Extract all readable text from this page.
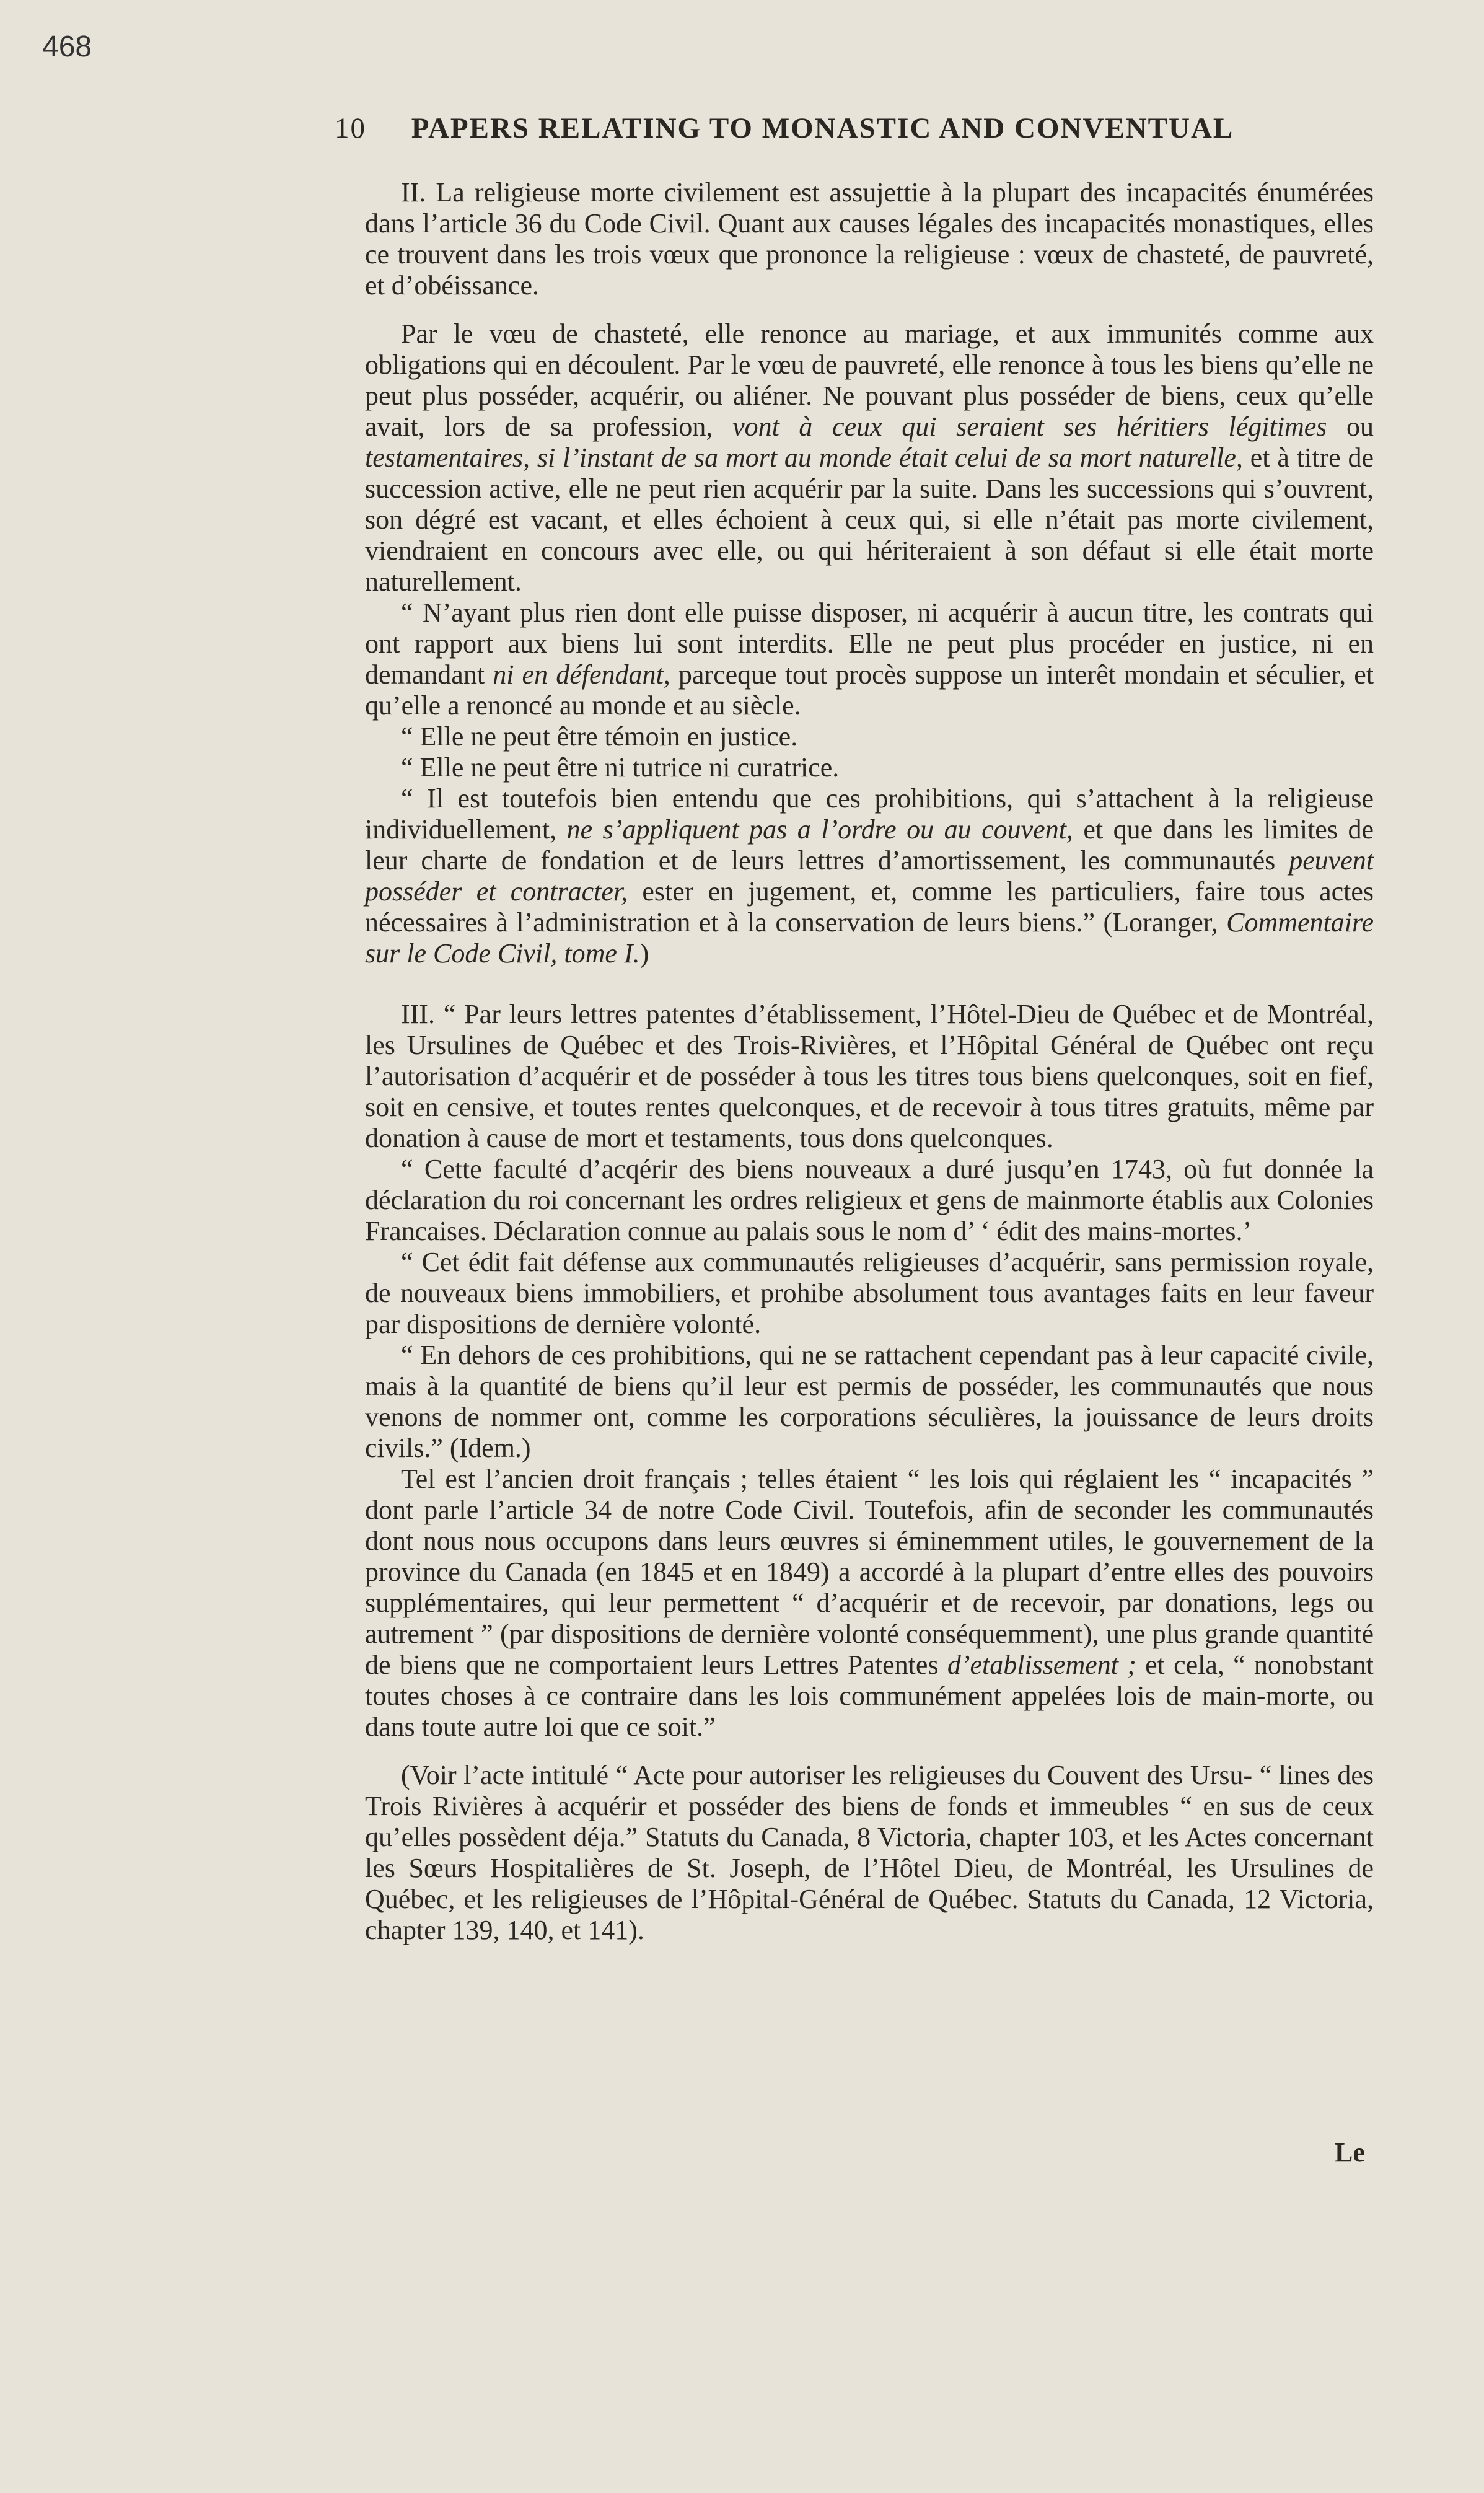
468
10 PAPERS RELATING TO MONASTIC AND CONVENTUAL

II. La religieuse morte civilement est assujettie à la plupart des incapacités énumérées dans l’article 36 du Code Civil. Quant aux causes légales des incapacités monastiques, elles ce trouvent dans les trois vœux que prononce la religieuse : vœux de chasteté, de pauvreté, et d’obéissance.

Par le vœu de chasteté, elle renonce au mariage, et aux immunités comme aux obligations qui en découlent. Par le vœu de pauvreté, elle renonce à tous les biens qu’elle ne peut plus posséder, acquérir, ou aliéner. Ne pouvant plus posséder de biens, ceux qu’elle avait, lors de sa profession, vont à ceux qui seraient ses héritiers légitimes ou testamentaires, si l’instant de sa mort au monde était celui de sa mort naturelle, et à titre de succession active, elle ne peut rien acquérir par la suite. Dans les successions qui s’ouvrent, son dégré est vacant, et elles échoient à ceux qui, si elle n’était pas morte civilement, viendraient en concours avec elle, ou qui hériteraient à son défaut si elle était morte naturellement.

“ N’ayant plus rien dont elle puisse disposer, ni acquérir à aucun titre, les contrats qui ont rapport aux biens lui sont interdits. Elle ne peut plus procéder en justice, ni en demandant ni en défendant, parceque tout procès suppose un interêt mondain et séculier, et qu’elle a renoncé au monde et au siècle.

“ Elle ne peut être témoin en justice.

“ Elle ne peut être ni tutrice ni curatrice.

“ Il est toutefois bien entendu que ces prohibitions, qui s’attachent à la religieuse individuellement, ne s’appliquent pas a l’ordre ou au couvent, et que dans les limites de leur charte de fondation et de leurs lettres d’amortissement, les communautés peuvent posséder et contracter, ester en jugement, et, comme les particuliers, faire tous actes nécessaires à l’administration et à la conservation de leurs biens.” (Loranger, Commentaire sur le Code Civil, tome I.)

III. “ Par leurs lettres patentes d’établissement, l’Hôtel-Dieu de Québec et de Montréal, les Ursulines de Québec et des Trois-Rivières, et l’Hôpital Général de Québec ont reçu l’autorisation d’acquérir et de posséder à tous les titres tous biens quelconques, soit en fief, soit en censive, et toutes rentes quelconques, et de recevoir à tous titres gratuits, même par donation à cause de mort et testaments, tous dons quelconques.

“ Cette faculté d’acqérir des biens nouveaux a duré jusqu’en 1743, où fut donnée la déclaration du roi concernant les ordres religieux et gens de mainmorte établis aux Colonies Francaises. Déclaration connue au palais sous le nom d’ ‘ édit des mains-mortes.’

“ Cet édit fait défense aux communautés religieuses d’acquérir, sans permission royale, de nouveaux biens immobiliers, et prohibe absolument tous avantages faits en leur faveur par dispositions de dernière volonté.

“ En dehors de ces prohibitions, qui ne se rattachent cependant pas à leur capacité civile, mais à la quantité de biens qu’il leur est permis de posséder, les communautés que nous venons de nommer ont, comme les corporations séculières, la jouissance de leurs droits civils.” (Idem.)

Tel est l’ancien droit français ; telles étaient “ les lois qui réglaient les “ incapacités ” dont parle l’article 34 de notre Code Civil. Toutefois, afin de seconder les communautés dont nous nous occupons dans leurs œuvres si éminemment utiles, le gouvernement de la province du Canada (en 1845 et en 1849) a accordé à la plupart d’entre elles des pouvoirs supplémentaires, qui leur permettent “ d’acquérir et de recevoir, par donations, legs ou autrement ” (par dispositions de dernière volonté conséquemment), une plus grande quantité de biens que ne comportaient leurs Lettres Patentes d’etablissement ; et cela, “ nonobstant toutes choses à ce contraire dans les lois communément appelées lois de main-morte, ou dans toute autre loi que ce soit.”

(Voir l’acte intitulé “ Acte pour autoriser les religieuses du Couvent des Ursu- “ lines des Trois Rivières à acquérir et posséder des biens de fonds et immeubles “ en sus de ceux qu’elles possèdent déja.” Statuts du Canada, 8 Victoria, chapter 103, et les Actes concernant les Sœurs Hospitalières de St. Joseph, de l’Hôtel Dieu, de Montréal, les Ursulines de Québec, et les religieuses de l’Hôpital-Général de Québec. Statuts du Canada, 12 Victoria, chapter 139, 140, et 141).

Le
